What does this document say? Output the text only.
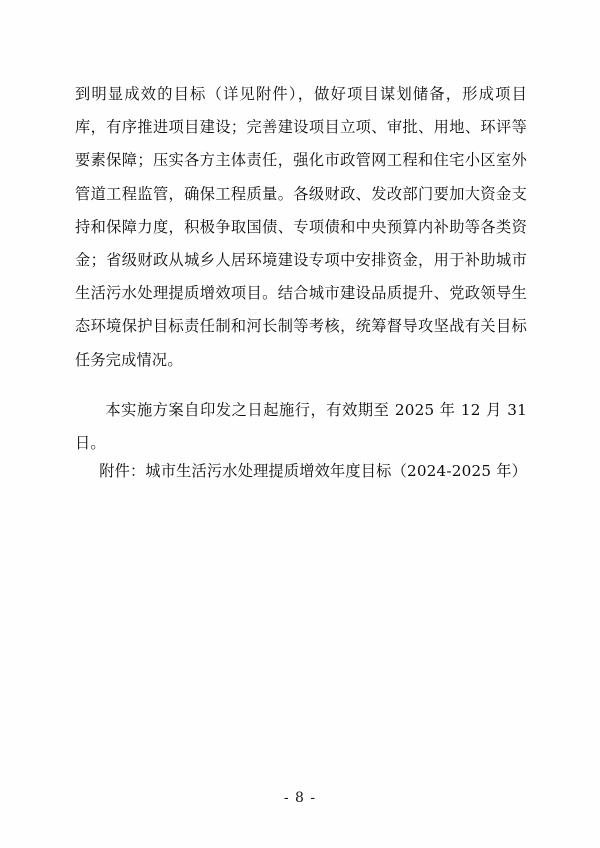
到明显成效的目标（详见附件），做好项目谋划储备，形成项目库，有序推进项目建设；完善建设项目立项、审批、用地、环评等要素保障；压实各方主体责任，强化市政管网工程和住宅小区室外管道工程监管，确保工程质量。各级财政、发改部门要加大资金支持和保障力度，积极争取国债、专项债和中央预算内补助等各类资金；省级财政从城乡人居环境建设专项中安排资金，用于补助城市生活污水处理提质增效项目。结合城市建设品质提升、党政领导生态环境保护目标责任制和河长制等考核，统筹督导攻坚战有关目标任务完成情况。

本实施方案自印发之日起施行，有效期至 2025 年 12 月 31 日。

附件：城市生活污水处理提质增效年度目标（2024-2025 年）
- 8 -
